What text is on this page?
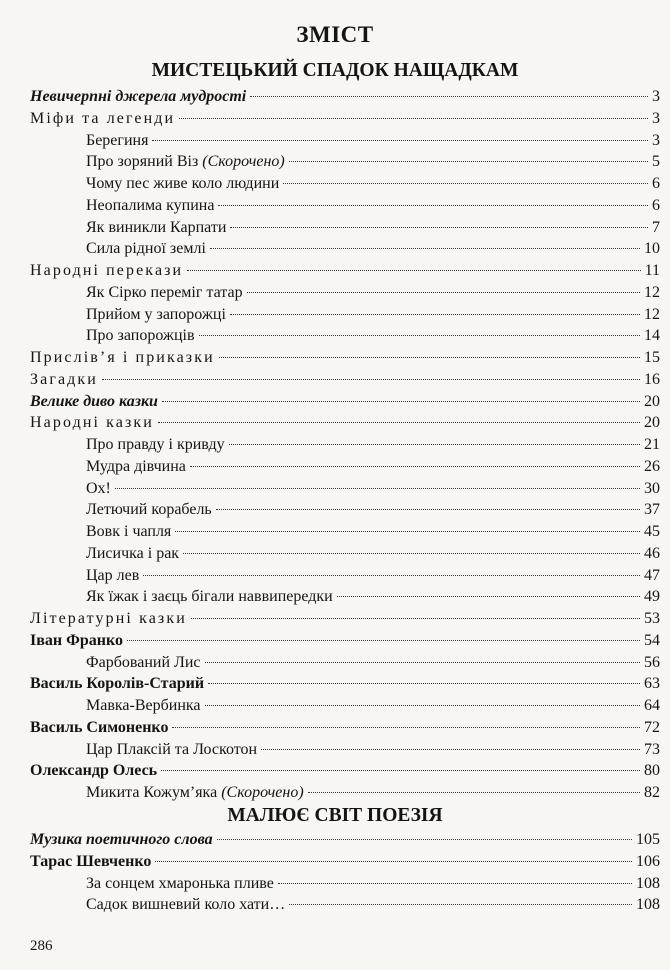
ЗМІСТ
МИСТЕЦЬКИЙ СПАДОК НАЩАДКАМ
Невичерпні джерела мудрості	3
Міфи та легенди	3
Берегиня	3
Про зоряний Віз (Скорочено)	5
Чому пес живе коло людини	6
Неопалима купина	6
Як виникли Карпати	7
Сила рідної землі	10
Народні перекази	11
Як Сірко переміг татар	12
Прийом у запорожці	12
Про запорожців	14
Прислів’я і приказки	15
Загадки	16
Велике диво казки	20
Народні казки	20
Про правду і кривду	21
Мудра дівчина	26
Ох!	30
Летючий корабель	37
Вовк і чапля	45
Лисичка і рак	46
Цар лев	47
Як їжак і заєць бігали наввипередки	49
Літературні казки	53
Іван Франко	54
Фарбований Лис	56
Василь Королів-Старий	63
Мавка-Вербинка	64
Василь Симоненко	72
Цар Плаксій та Лоскотон	73
Олександр Олесь	80
Микита Кожум’яка (Скорочено)	82
МАЛЮЄ СВІТ ПОЕЗІЯ
Музика поетичного слова	105
Тарас Шевченко	106
За сонцем хмаронька пливе	108
Садок вишневий коло хати…	108
286
